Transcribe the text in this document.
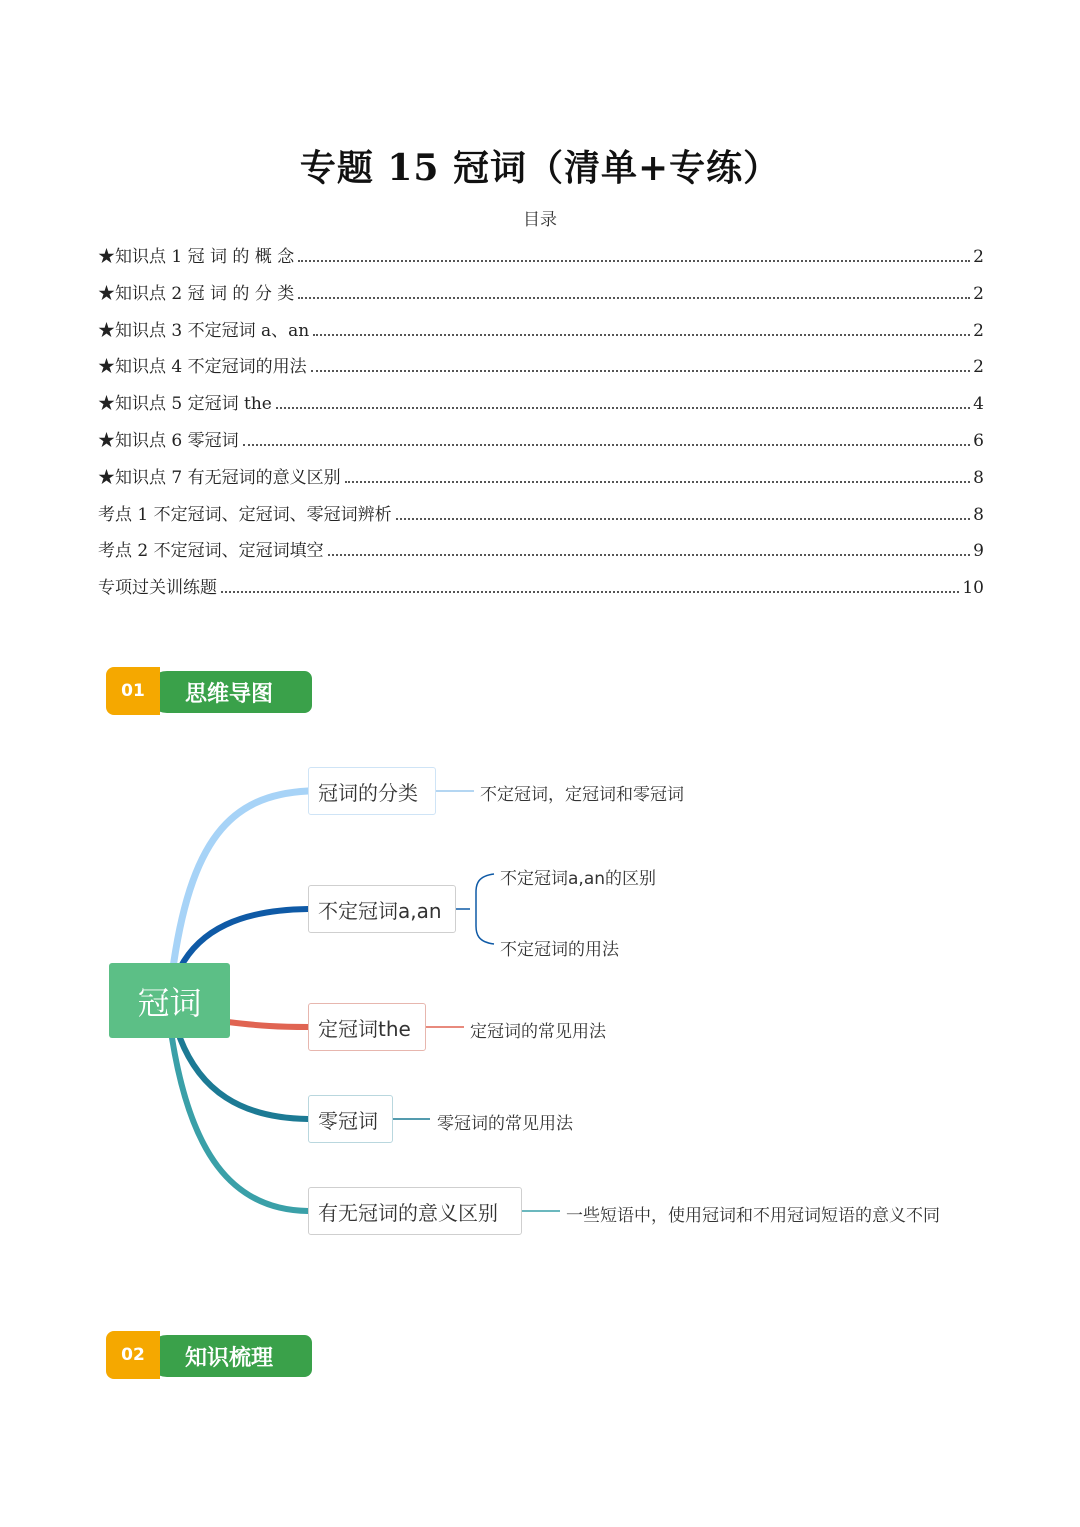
专题 15 冠词（清单+专练）
目录
★知识点 1 冠 词 的 概 念	2
★知识点 2 冠 词 的 分 类	2
★知识点 3 不定冠词 a、an	2
★知识点 4 不定冠词的用法	2
★知识点 5 定冠词 the	4
★知识点 6 零冠词	6
★知识点 7 有无冠词的意义区别	8
考点 1 不定冠词、定冠词、零冠词辨析	8
考点 2 不定冠词、定冠词填空	9
专项过关训练题	10
思维导图
01
冠词
冠词的分类
不定冠词a,an
定冠词the
零冠词
有无冠词的意义区别
不定冠词，定冠词和零冠词
不定冠词a,an的区别
不定冠词的用法
定冠词的常见用法
零冠词的常见用法
一些短语中，使用冠词和不用冠词短语的意义不同
知识梳理
02
